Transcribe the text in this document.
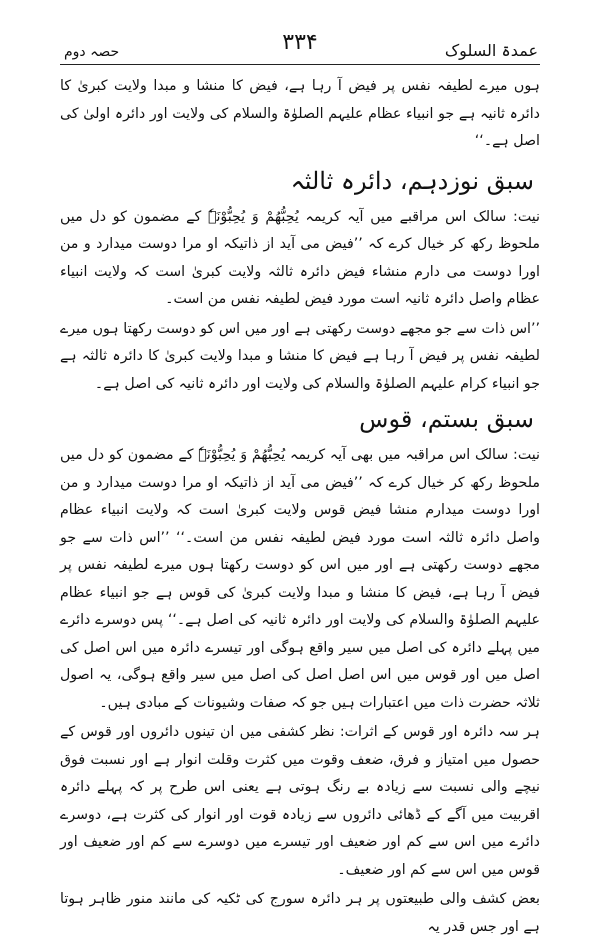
حصہ دوم	۳۳۴	عمدۃ السلوک

ہوں میرے لطیفہ نفس پر فیض آ رہا ہے، فیض کا منشا و مبدا ولایت کبریٰ کا دائرہ ثانیہ ہے جو انبیاء عظام علیہم الصلوٰۃ والسلام کی ولایت اور دائرہ اولیٰ کی اصل ہے۔‘‘

سبق نوزدہم، دائرہ ثالثہ

نیت: سالک اس مراقبے میں آیہ کریمہ یُحِبُّھُمْ وَ یُحِبُّوْنَہٗ کے مضمون کو دل میں ملحوظ رکھ کر خیال کرے کہ ’’فیض می آید از ذاتیکہ او مرا دوست میدارد و من اورا دوست می دارم منشاء فیض دائرہ ثالثہ ولایت کبریٰ است کہ ولایت انبیاء عظام واصل دائرہ ثانیہ است مورد فیض لطیفہ نفس من است۔

’’اس ذات سے جو مجھے دوست رکھتی ہے اور میں اس کو دوست رکھتا ہوں میرے لطیفہ نفس پر فیض آ رہا ہے فیض کا منشا و مبدا ولایت کبریٰ کا دائرہ ثالثہ ہے جو انبیاء کرام علیہم الصلوٰۃ والسلام کی ولایت اور دائرہ ثانیہ کی اصل ہے۔

سبق بستم، قوس

نیت: سالک اس مراقبہ میں بھی آیہ کریمہ یُحِبُّھُمْ وَ یُحِبُّوْنَہٗ کے مضمون کو دل میں ملحوظ رکھ کر خیال کرے کہ ’’فیض می آید از ذاتیکہ او مرا دوست میدارد و من اورا دوست میدارم منشا فیض قوس ولایت کبریٰ است کہ ولایت انبیاء عظام واصل دائرہ ثالثہ است مورد فیض لطیفہ نفس من است۔‘‘ ’’اس ذات سے جو مجھے دوست رکھتی ہے اور میں اس کو دوست رکھتا ہوں میرے لطیفہ نفس پر فیض آ رہا ہے، فیض کا منشا و مبدا ولایت کبریٰ کی قوس ہے جو انبیاء عظام علیہم الصلوٰۃ والسلام کی ولایت اور دائرہ ثانیہ کی اصل ہے۔‘‘ پس دوسرے دائرے میں پہلے دائرہ کی اصل میں سیر واقع ہوگی اور تیسرے دائرہ میں اس اصل کی اصل میں اور قوس میں اس اصل اصل کی اصل میں سیر واقع ہوگی، یہ اصول ثلاثہ حضرت ذات میں اعتبارات ہیں جو کہ صفات وشیونات کے مبادی ہیں۔

ہر سہ دائرہ اور قوس کے اثرات: نظر کشفی میں ان تینوں دائروں اور قوس کے حصول میں امتیاز و فرق، ضعف وقوت میں کثرت وقلت انوار ہے اور نسبت فوق نیچے والی نسبت سے زیادہ بے رنگ ہوتی ہے یعنی اس طرح پر کہ پہلے دائرہ اقربیت میں آگے کے ڈھائی دائروں سے زیادہ قوت اور انوار کی کثرت ہے، دوسرے دائرے میں اس سے کم اور ضعیف اور تیسرے میں دوسرے سے کم اور ضعیف اور قوس میں اس سے کم اور ضعیف۔

بعض کشف والی طبیعتوں پر ہر دائرہ سورج کی ٹکیہ کی مانند منور ظاہر ہوتا ہے اور جس قدر یہ
